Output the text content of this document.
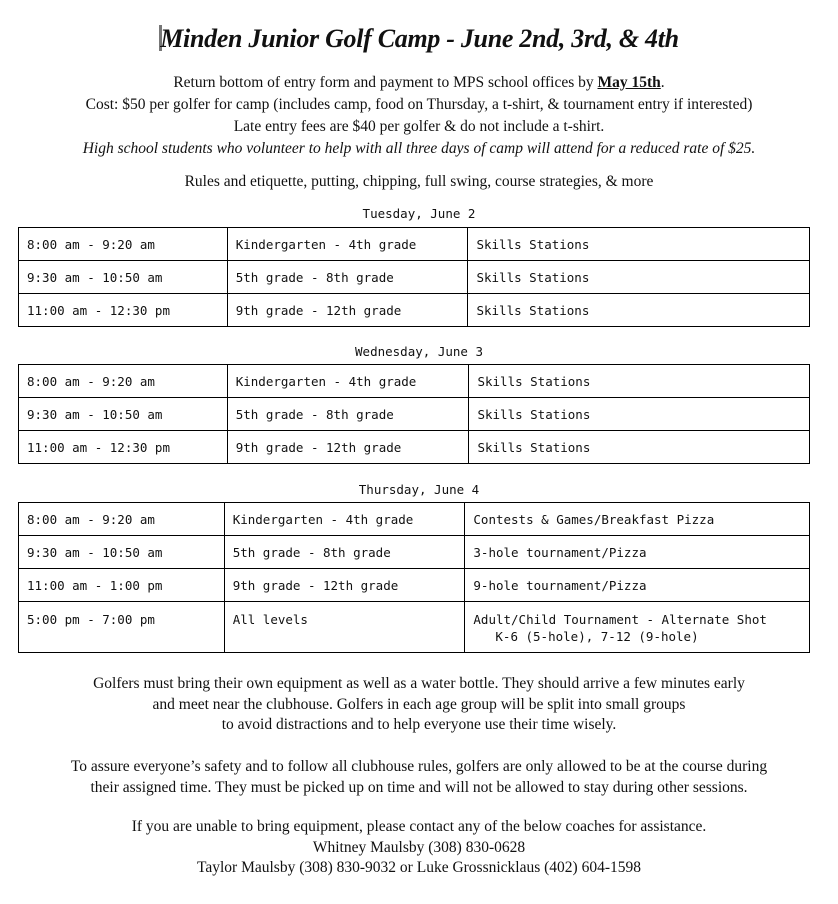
Minden Junior Golf Camp - June 2nd, 3rd, & 4th
Return bottom of entry form and payment to MPS school offices by May 15th.
Cost: $50 per golfer for camp (includes camp, food on Thursday, a t-shirt, & tournament entry if interested)
Late entry fees are $40 per golfer & do not include a t-shirt.
High school students who volunteer to help with all three days of camp will attend for a reduced rate of $25.
Rules and etiquette, putting, chipping, full swing, course strategies, & more
Tuesday, June 2
8:00 am - 9:20 am	Kindergarten - 4th grade	Skills Stations
9:30 am - 10:50 am	5th grade - 8th grade	Skills Stations
11:00 am - 12:30 pm	9th grade - 12th grade	Skills Stations
Wednesday, June 3
8:00 am - 9:20 am	Kindergarten - 4th grade	Skills Stations
9:30 am - 10:50 am	5th grade - 8th grade	Skills Stations
11:00 am - 12:30 pm	9th grade - 12th grade	Skills Stations
Thursday, June 4
8:00 am - 9:20 am	Kindergarten - 4th grade	Contests & Games/Breakfast Pizza
9:30 am - 10:50 am	5th grade - 8th grade	3-hole tournament/Pizza
11:00 am - 1:00 pm	9th grade - 12th grade	9-hole tournament/Pizza
5:00 pm - 7:00 pm	All levels	Adult/Child Tournament - Alternate Shot
K-6 (5-hole), 7-12 (9-hole)
Golfers must bring their own equipment as well as a water bottle. They should arrive a few minutes early
and meet near the clubhouse. Golfers in each age group will be split into small groups
to avoid distractions and to help everyone use their time wisely.
To assure everyone’s safety and to follow all clubhouse rules, golfers are only allowed to be at the course during
their assigned time. They must be picked up on time and will not be allowed to stay during other sessions.
If you are unable to bring equipment, please contact any of the below coaches for assistance.
Whitney Maulsby (308) 830-0628
Taylor Maulsby (308) 830-9032 or Luke Grossnicklaus (402) 604-1598
